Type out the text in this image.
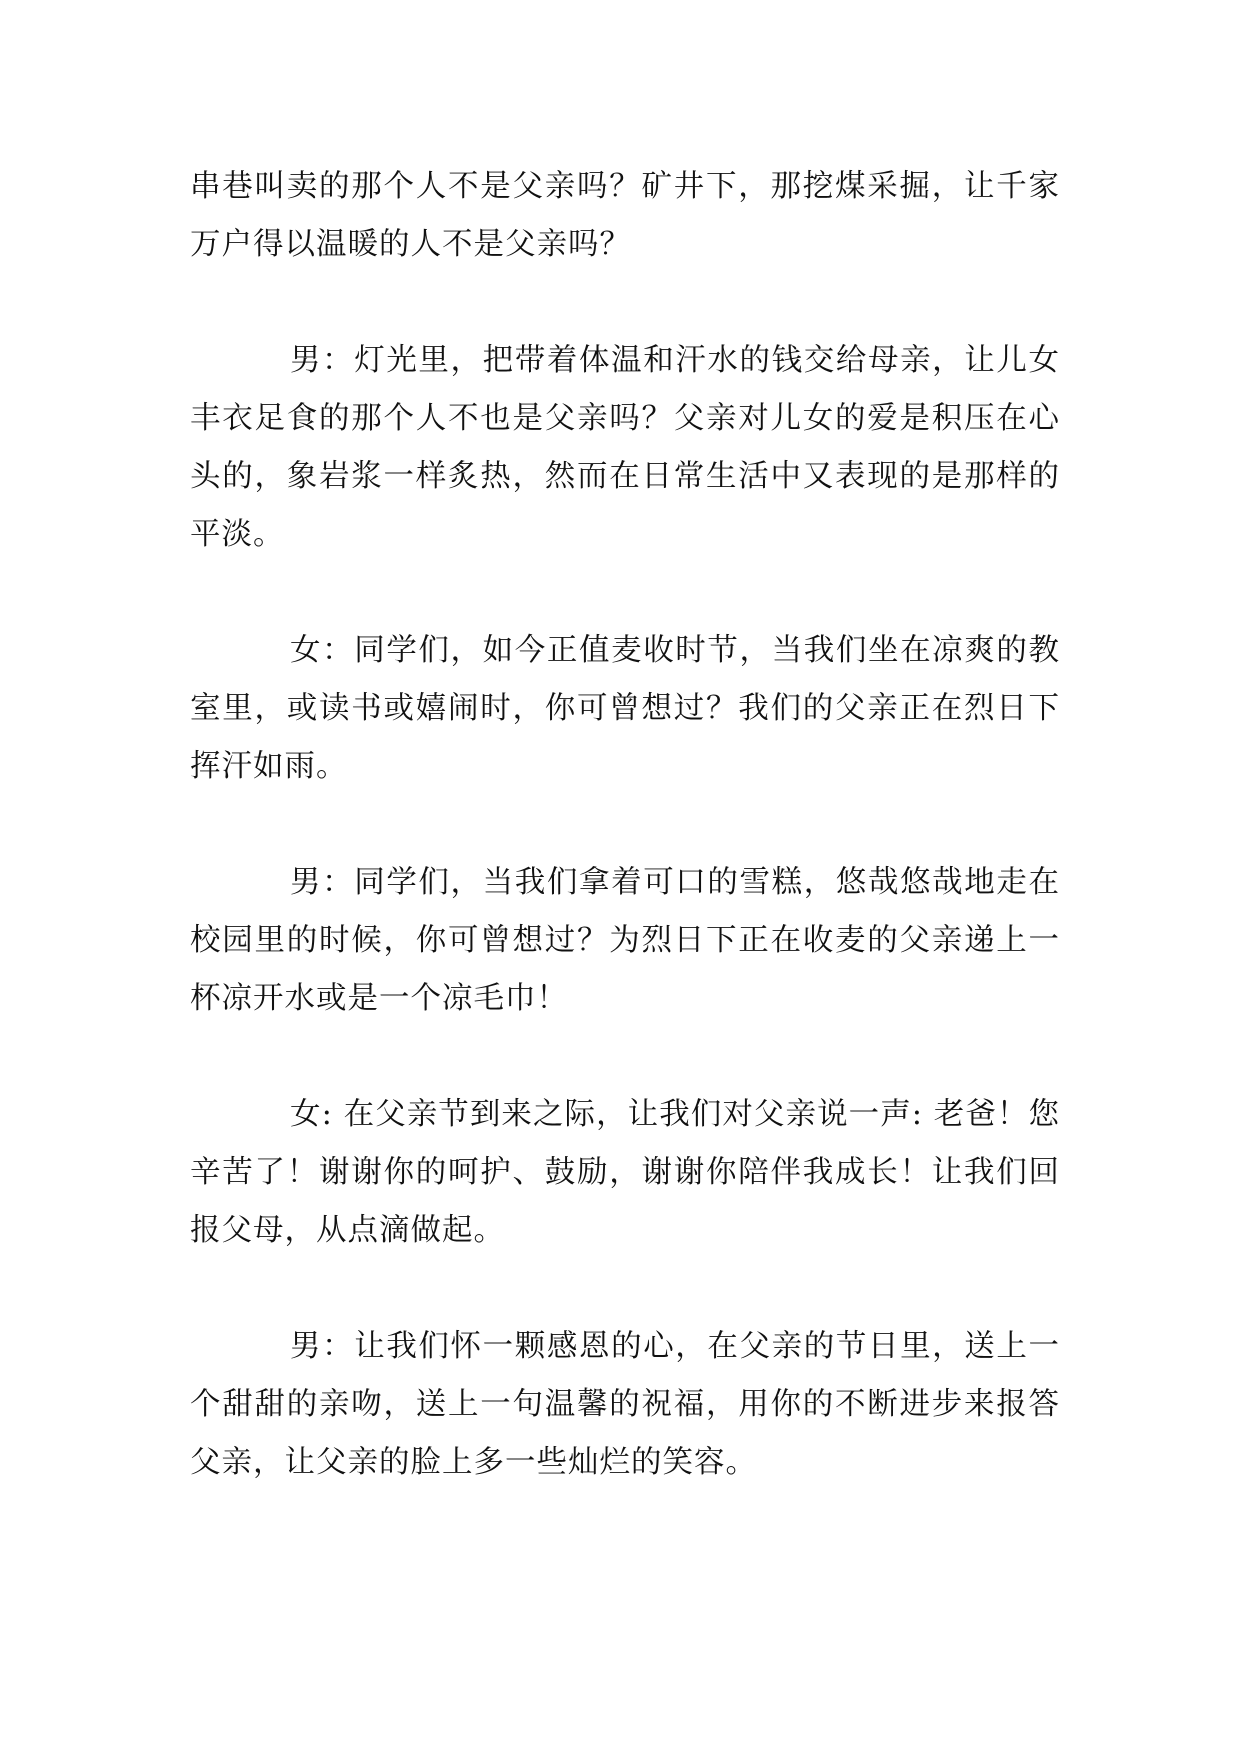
串巷叫卖的那个人不是父亲吗？矿井下，那挖煤采掘，让千家万户得以温暖的人不是父亲吗？

男：灯光里，把带着体温和汗水的钱交给母亲，让儿女丰衣足食的那个人不也是父亲吗？父亲对儿女的爱是积压在心头的，象岩浆一样炙热，然而在日常生活中又表现的是那样的平淡。

女：同学们，如今正值麦收时节，当我们坐在凉爽的教室里，或读书或嬉闹时，你可曾想过？我们的父亲正在烈日下挥汗如雨。

男：同学们，当我们拿着可口的雪糕，悠哉悠哉地走在校园里的时候，你可曾想过？为烈日下正在收麦的父亲递上一杯凉开水或是一个凉毛巾！

女: 在父亲节到来之际，让我们对父亲说一声: 老爸！您辛苦了！谢谢你的呵护、鼓励，谢谢你陪伴我成长！让我们回报父母，从点滴做起。

男：让我们怀一颗感恩的心，在父亲的节日里，送上一个甜甜的亲吻，送上一句温馨的祝福，用你的不断进步来报答父亲，让父亲的脸上多一些灿烂的笑容。
